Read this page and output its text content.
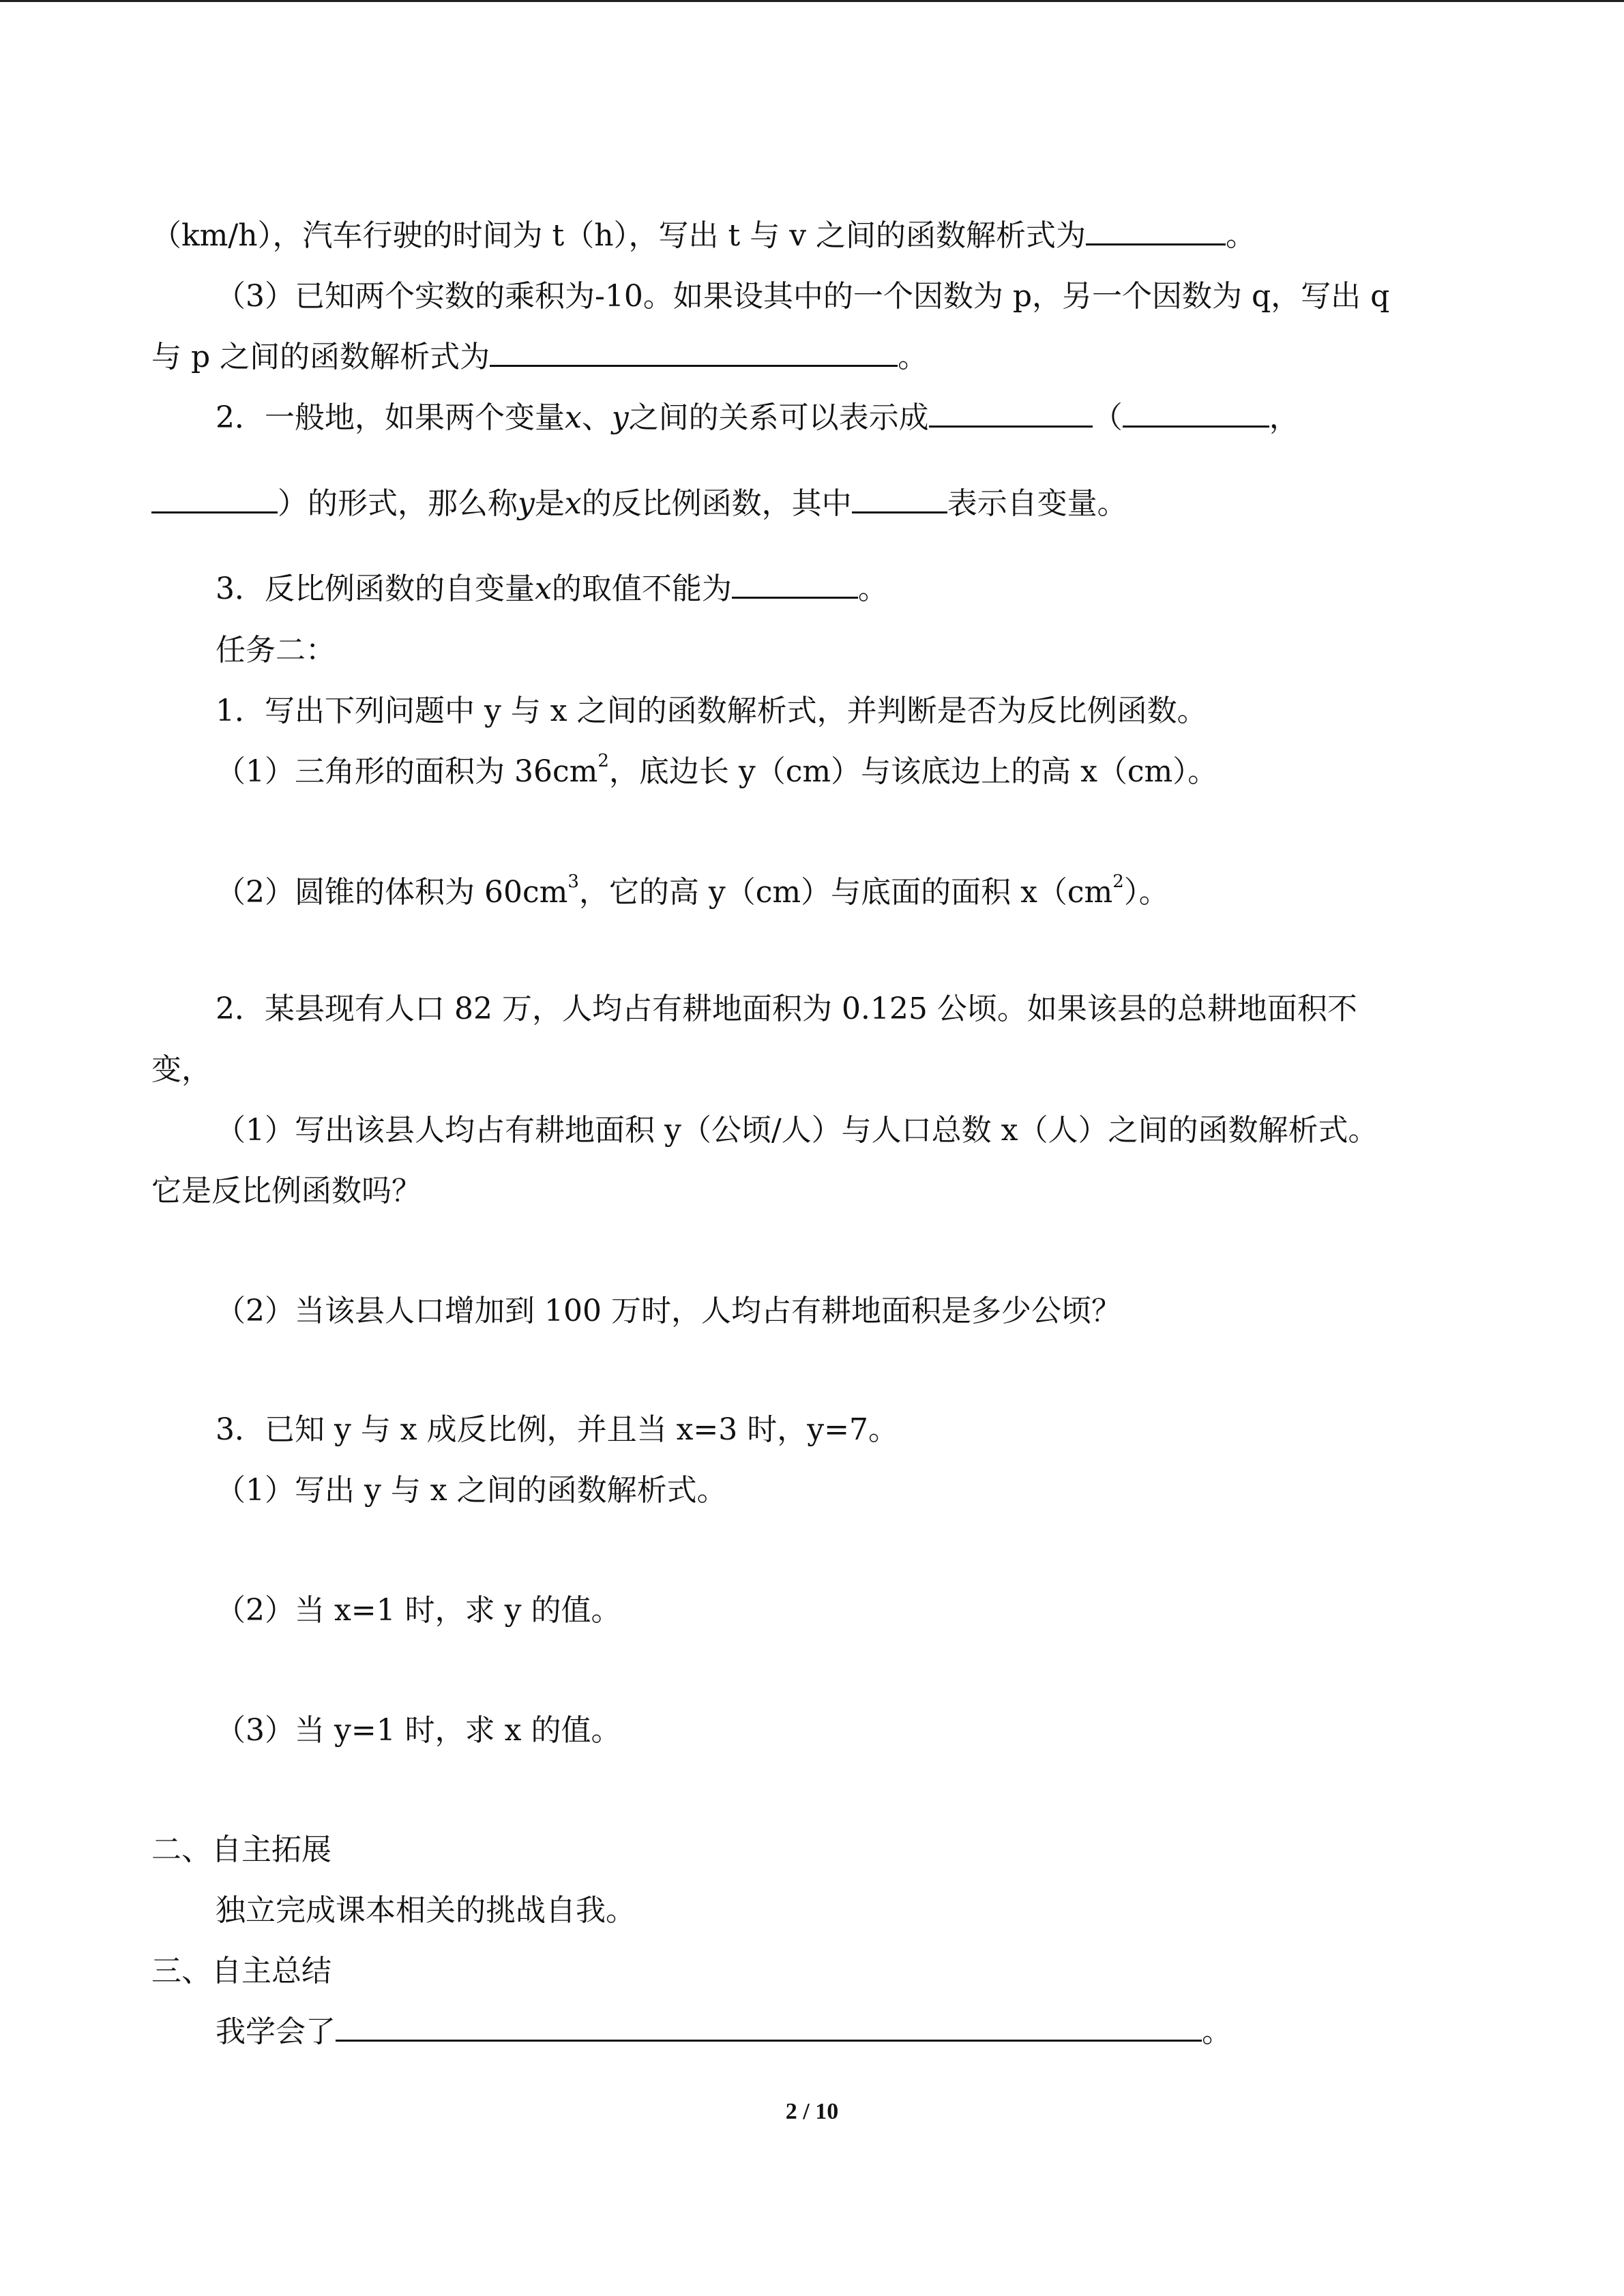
（km/h），汽车行驶的时间为 t（h），写出 t 与 v 之间的函数解析式为	。
（3）已知两个实数的乘积为-10。如果设其中的一个因数为 p，另一个因数为 q，写出 q
与 p 之间的函数解析式为	。
2．一般地，如果两个变量x、y之间的关系可以表示成	（	，
）的形式，那么称y是x的反比例函数，其中	表示自变量。
3．反比例函数的自变量x的取值不能为	。
任务二：
1．写出下列问题中 y 与 x 之间的函数解析式，并判断是否为反比例函数。
（1）三角形的面积为 $36cm^2$，底边长 y（cm）与该底边上的高 x（cm）。
（2）圆锥的体积为 $60cm^3$，它的高 y（cm）与底面的面积 $x(cm^2)$。
2．某县现有人口 82 万，人均占有耕地面积为 0.125 公顷。如果该县的总耕地面积不
变，
（1）写出该县人均占有耕地面积 y（公顷/人）与人口总数 x（人）之间的函数解析式。
它是反比例函数吗？
（2）当该县人口增加到 100 万时，人均占有耕地面积是多少公顷？
3．已知 y 与 x 成反比例，并且当 x=3 时，y=7。
（1）写出 y 与 x 之间的函数解析式。
（2）当 x=1 时，求 y 的值。
（3）当 y=1 时，求 x 的值。
二、自主拓展
独立完成课本相关的挑战自我。
三、自主总结
我学会了	。
2 / 10
